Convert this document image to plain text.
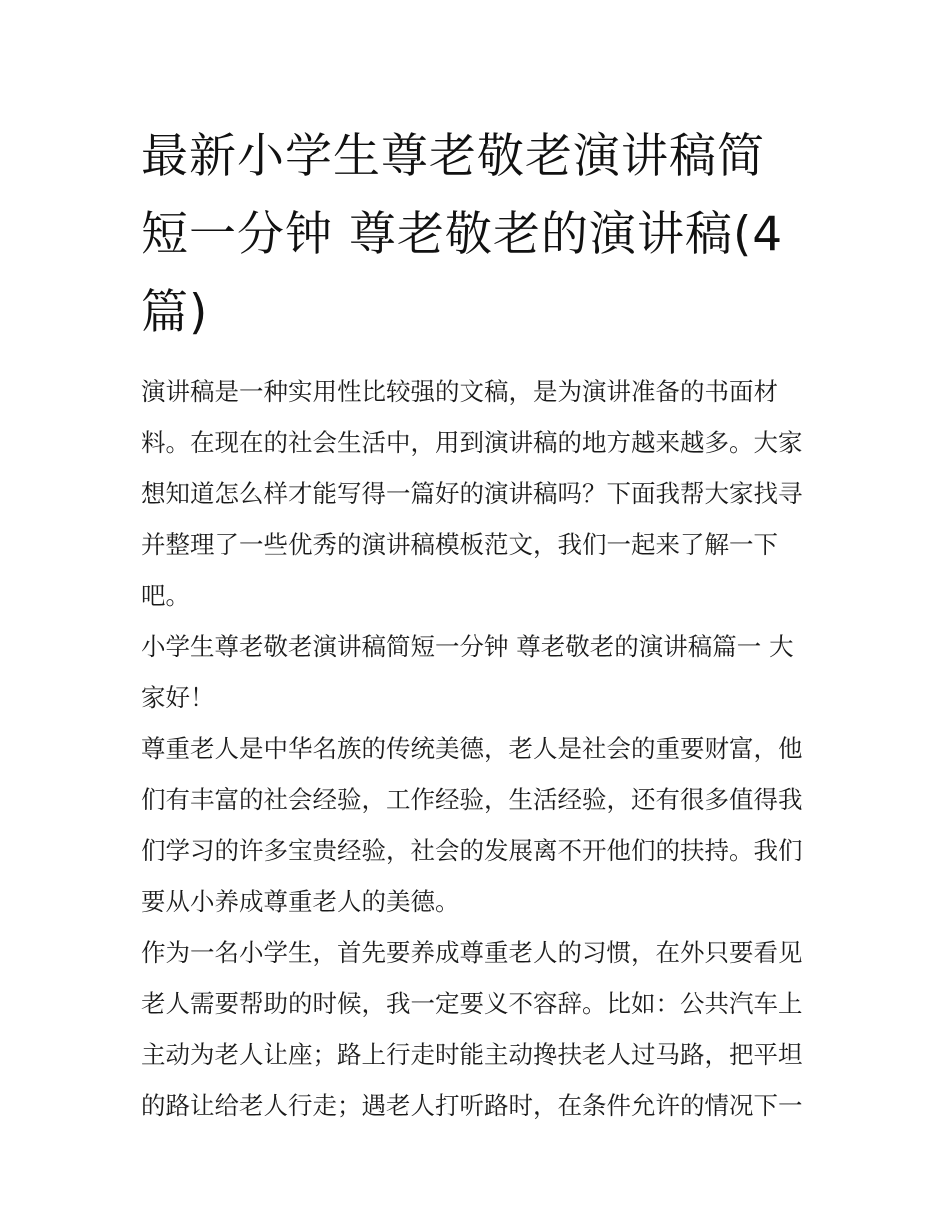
最新小学生尊老敬老演讲稿简
短一分钟 尊老敬老的演讲稿(4
篇)

演讲稿是一种实用性比较强的文稿，是为演讲准备的书面材
料。在现在的社会生活中，用到演讲稿的地方越来越多。大家
想知道怎么样才能写得一篇好的演讲稿吗？下面我帮大家找寻
并整理了一些优秀的演讲稿模板范文，我们一起来了解一下
吧。

小学生尊老敬老演讲稿简短一分钟 尊老敬老的演讲稿篇一 大
家好！

尊重老人是中华名族的传统美德，老人是社会的重要财富，他
们有丰富的社会经验，工作经验，生活经验，还有很多值得我
们学习的许多宝贵经验，社会的发展离不开他们的扶持。我们
要从小养成尊重老人的美德。

作为一名小学生，首先要养成尊重老人的习惯，在外只要看见
老人需要帮助的时候，我一定要义不容辞。比如：公共汽车上
主动为老人让座；路上行走时能主动搀扶老人过马路，把平坦
的路让给老人行走；遇老人打听路时，在条件允许的情况下一
